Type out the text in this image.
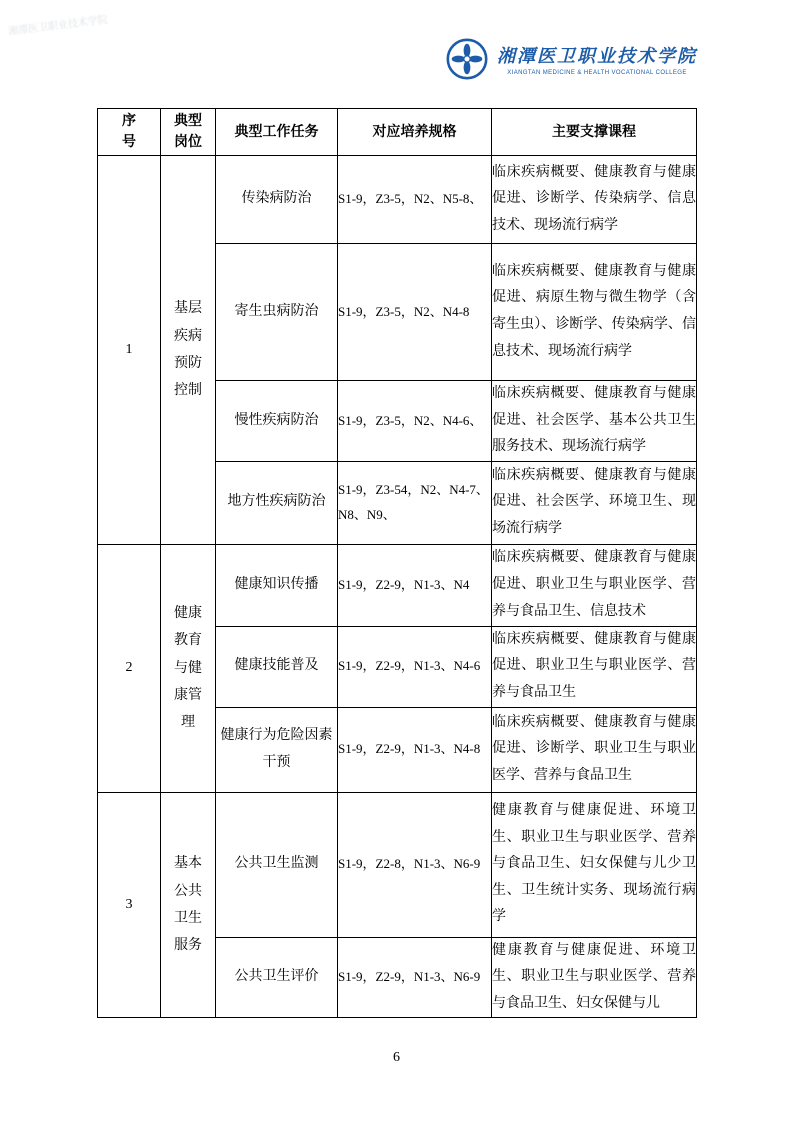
湘潭医卫职业技术学院
湘潭医卫职业技术学院
XIANGTAN MEDICINE & HEALTH VOCATIONAL COLLEGE
序号	典型岗位	典型工作任务	对应培养规格	主要支撑课程
1	基层疾病预防控制	传染病防治	S1-9，Z3-5，N2、N5-8、	临床疾病概要、健康教育与健康促进、诊断学、传染病学、信息技术、现场流行病学
		寄生虫病防治	S1-9，Z3-5，N2、N4-8	临床疾病概要、健康教育与健康促进、病原生物与微生物学（含寄生虫）、诊断学、传染病学、信息技术、现场流行病学
		慢性疾病防治	S1-9，Z3-5，N2、N4-6、	临床疾病概要、健康教育与健康促进、社会医学、基本公共卫生服务技术、现场流行病学
		地方性疾病防治	S1-9，Z3-54，N2、N4-7、N8、N9、	临床疾病概要、健康教育与健康促进、社会医学、环境卫生、现场流行病学
2	健康教育与健康管理	健康知识传播	S1-9，Z2-9，N1-3、N4	临床疾病概要、健康教育与健康促进、职业卫生与职业医学、营养与食品卫生、信息技术
		健康技能普及	S1-9，Z2-9，N1-3、N4-6	临床疾病概要、健康教育与健康促进、职业卫生与职业医学、营养与食品卫生
		健康行为危险因素干预	S1-9，Z2-9，N1-3、N4-8	临床疾病概要、健康教育与健康促进、诊断学、职业卫生与职业医学、营养与食品卫生
3	基本公共卫生服务	公共卫生监测	S1-9，Z2-8，N1-3、N6-9	健康教育与健康促进、环境卫生、职业卫生与职业医学、营养与食品卫生、妇女保健与儿少卫生、卫生统计实务、现场流行病学
		公共卫生评价	S1-9，Z2-9，N1-3、N6-9	健康教育与健康促进、环境卫生、职业卫生与职业医学、营养与食品卫生、妇女保健与儿
6
